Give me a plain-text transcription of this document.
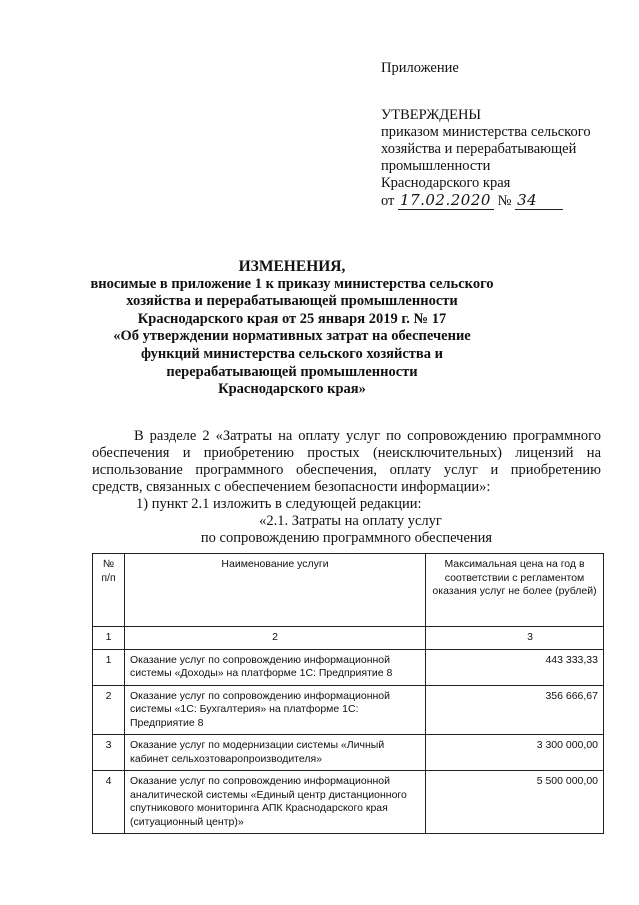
Приложение
УТВЕРЖДЕНЫ
приказом министерства сельского
хозяйства и перерабатывающей
промышленности
Краснодарского края
от 17.02.2020 № 34
ИЗМЕНЕНИЯ,
вносимые в приложение 1 к приказу министерства сельского
хозяйства и перерабатывающей промышленности
Краснодарского края от 25 января 2019 г. № 17
«Об утверждении нормативных затрат на обеспечение
функций министерства сельского хозяйства и
перерабатывающей промышленности
Краснодарского края»

В разделе 2 «Затраты на оплату услуг по сопровождению программного обеспечения и приобретению простых (неисключительных) лицензий на использование программного обеспечения, оплату услуг и приобретению средств, связанных с обеспечением безопасности информации»:

1) пункт 2.1 изложить в следующей редакции:

«2.1. Затраты на оплату услуг

по сопровождению программного обеспечения

№ п/п	Наименование услуги	Максимальная цена на год в соответствии с регламентом оказания услуг не более (рублей)
1	2	3
1	Оказание услуг по сопровождению информационной системы «Доходы» на платформе 1С: Предприятие 8	443 333,33
2	Оказание услуг по сопровождению информационной системы «1С: Бухгалтерия» на платформе 1С: Предприятие 8	356 666,67
3	Оказание услуг по модернизации системы «Личный кабинет сельхозтоваропроизводителя»	3 300 000,00
4	Оказание услуг по сопровождению информационной аналитической системы «Единый центр дистанционного спутникового мониторинга АПК Краснодарского края (ситуационный центр)»	5 500 000,00
